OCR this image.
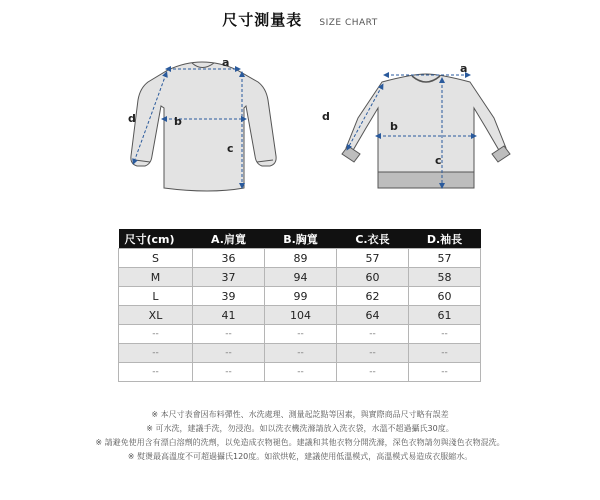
尺寸測量表 SIZE CHART
a
b
c
d
a
b
c
d
尺寸(cm)	A.肩寬	B.胸寬	C.衣長	D.袖長
S	36	89	57	57
M	37	94	60	58
L	39	99	62	60
XL	41	104	64	61
--	--	--	--	--
--	--	--	--	--
--	--	--	--	--

※ 本尺寸表會因布料彈性、水洗處理、測量起訖點等因素，與實際商品尺寸略有誤差

※ 可水洗，建議手洗，勿浸泡。如以洗衣機洗滌請放入洗衣袋，水溫不超過攝氏30度。

※ 請避免使用含有漂白溶劑的洗劑，以免造成衣物褪色。建議和其他衣物分開洗滌，深色衣物請勿與淺色衣物混洗。

※ 熨燙最高溫度不可超過攝氏120度。如欲烘乾，建議使用低溫模式，高溫模式易造成衣服縮水。
